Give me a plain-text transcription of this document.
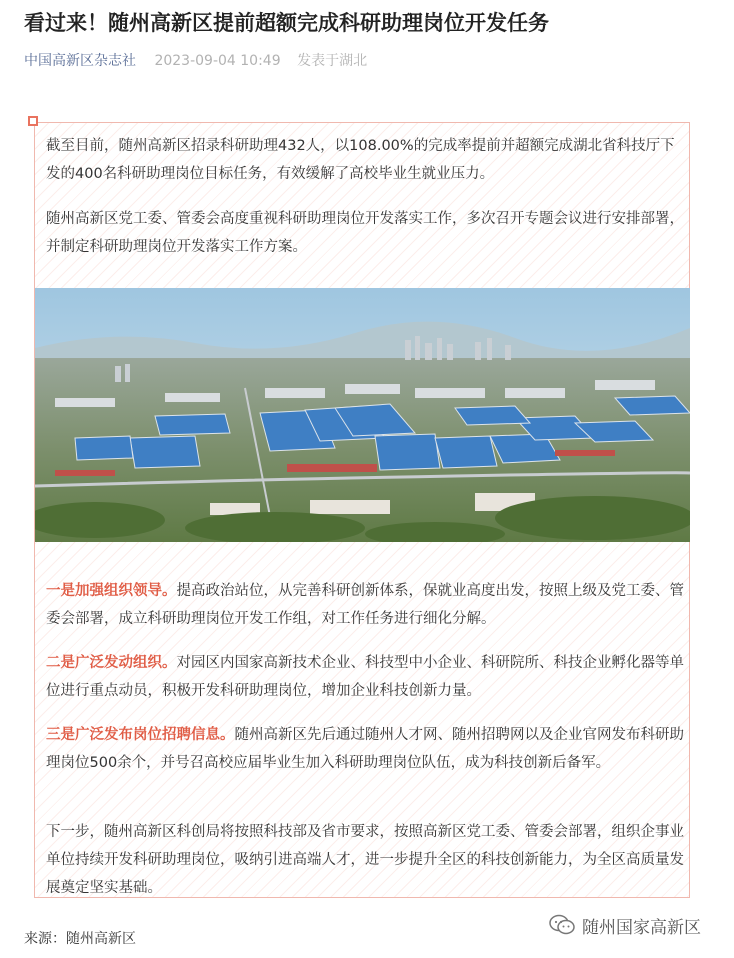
看过来！随州高新区提前超额完成科研助理岗位开发任务
中国高新区杂志社 2023-09-04 10:49 发表于湖北
截至目前，随州高新区招录科研助理432人，以108.00%的完成率提前并超额完成湖北省科技厅下发的400名科研助理岗位目标任务，有效缓解了高校毕业生就业压力。
随州高新区党工委、管委会高度重视科研助理岗位开发落实工作，多次召开专题会议进行安排部署，并制定科研助理岗位开发落实工作方案。
一是加强组织领导。提高政治站位，从完善科研创新体系，保就业高度出发，按照上级及党工委、管委会部署，成立科研助理岗位开发工作组，对工作任务进行细化分解。
二是广泛发动组织。对园区内国家高新技术企业、科技型中小企业、科研院所、科技企业孵化器等单位进行重点动员，积极开发科研助理岗位，增加企业科技创新力量。
三是广泛发布岗位招聘信息。随州高新区先后通过随州人才网、随州招聘网以及企业官网发布科研助理岗位500余个，并号召高校应届毕业生加入科研助理岗位队伍，成为科技创新后备军。
下一步，随州高新区科创局将按照科技部及省市要求，按照高新区党工委、管委会部署，组织企事业单位持续开发科研助理岗位，吸纳引进高端人才，进一步提升全区的科技创新能力，为全区高质量发展奠定坚实基础。
来源：随州高新区
随州国家高新区
